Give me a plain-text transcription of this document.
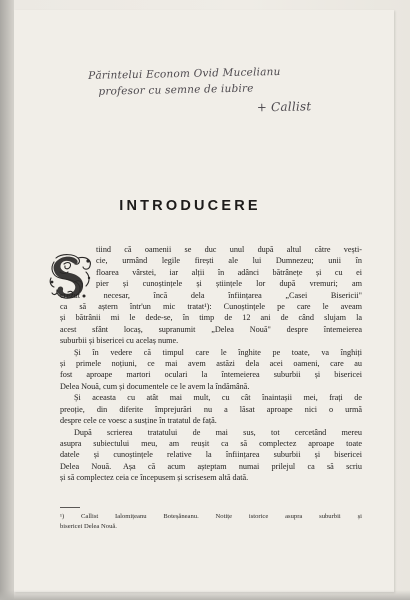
Părintelui Econom Ovid Mucelianu
profesor cu semne de iubire
+ Callist
INTRODUCERE
tiind că oamenii se duc unul după altul către vești-
cie, urmând legile firești ale lui Dumnezeu; unii în
floarea vârstei, iar alții în adânci bătrânețe și cu ei
pier și cunoștințele și științele lor după vremuri; am
crezut necesar, încă dela înființarea „Casei Bisericii"
ca să aștern într'un mic tratat¹): Cunoștințele pe care le aveam
și bătrânii mi le dede-se, în timp de 12 ani de când slujam la
acest sfânt locaș, supranumit „Delea Nouă" despre întemeierea
suburbii și bisericei cu acelaș nume.
Și în vedere că timpul care le înghite pe toate, va înghiți
și primele noțiuni, ce mai avem astăzi dela acei oameni, care au
fost aproape martori oculari la întemeierea suburbii și bisericei
Delea Nouă, cum și documentele ce le avem la îndămână.
Și aceasta cu atât mai mult, cu cât înaintașii mei, frați de
preoție, din diferite împrejurări nu a lăsat aproape nici o urmă
despre cele ce voesc a susține în tratatul de față.
După scrierea tratatului de mai sus, tot cercetând mereu
asupra subiectului meu, am reușit ca să complectez aproape toate
datele și cunoștințele relative la înființarea suburbii și bisericei
Delea Nouă. Așa că acum așteptam numai prilejul ca să scriu
și să complectez ceia ce începusem și scrisesem altă dată.
¹) Callist Ialomițeanu Boteșăneanu. Notițe istorice asupra suburbii și
bisericei Delea Nouă.
